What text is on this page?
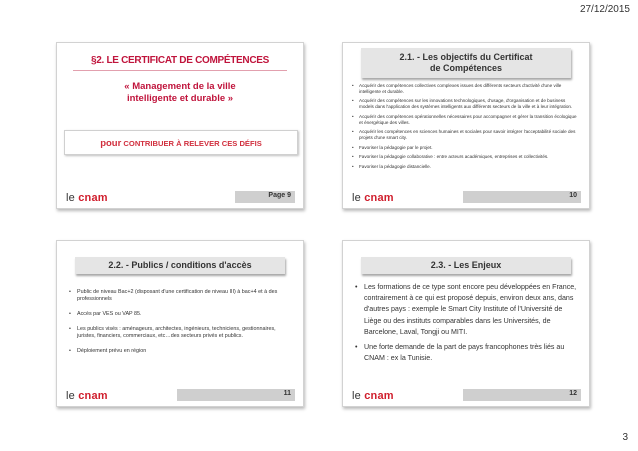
27/12/2015
§2. LE CERTIFICAT DE COMPÉTENCES
« Management de la ville
intelligente et durable »
pour CONTRIBUER À RELEVER CES DÉFIS
le cnam	Page 9
2.1. - Les objectifs du Certificat
de Compétences
• Acquérir des compétences collectives complexes issues des différents secteurs d'activité d'une ville intelligente et durable.
• Acquérir des compétences sur les innovations technologiques, d'usage, d'organisation et de business models dans l'application des systèmes intelligents aux différents secteurs de la ville et à leur intégration.
• Acquérir des compétences opérationnelles nécessaires pour accompagner et gérer la transition écologique et énergétique des villes.
• Acquérir les compétences en sciences humaines et sociales pour savoir intégrer l'acceptabilité sociale des projets d'une smart city.
• Favoriser la pédagogie par le projet.
• Favoriser la pédagogie collaborative : entre acteurs académiques, entreprises et collectivités.
• Favoriser la pédagogie distancielle.
le cnam	10
2.2. - Publics / conditions d'accès
• Public de niveau Bac+2 (disposant d'une certification de niveau III) à bac+4 et à des professionnels
• Accès par VES ou VAP 85.
• Les publics visés : aménageurs, architectes, ingénieurs, techniciens, gestionnaires, juristes, financiers, commerciaux, etc…des secteurs privés et publics.
• Déploiement prévu en région
le cnam	11
2.3. - Les Enjeux
• Les formations de ce type sont encore peu développées en France, contrairement à ce qui est proposé depuis, environ deux ans, dans d'autres pays : exemple le Smart City Institute of l'Université de Liège ou des instituts comparables dans les Universités, de Barcelone, Laval, Tongji ou MITI.
• Une forte demande de la part de pays francophones très liés au CNAM : ex la Tunisie.
le cnam	12
3
